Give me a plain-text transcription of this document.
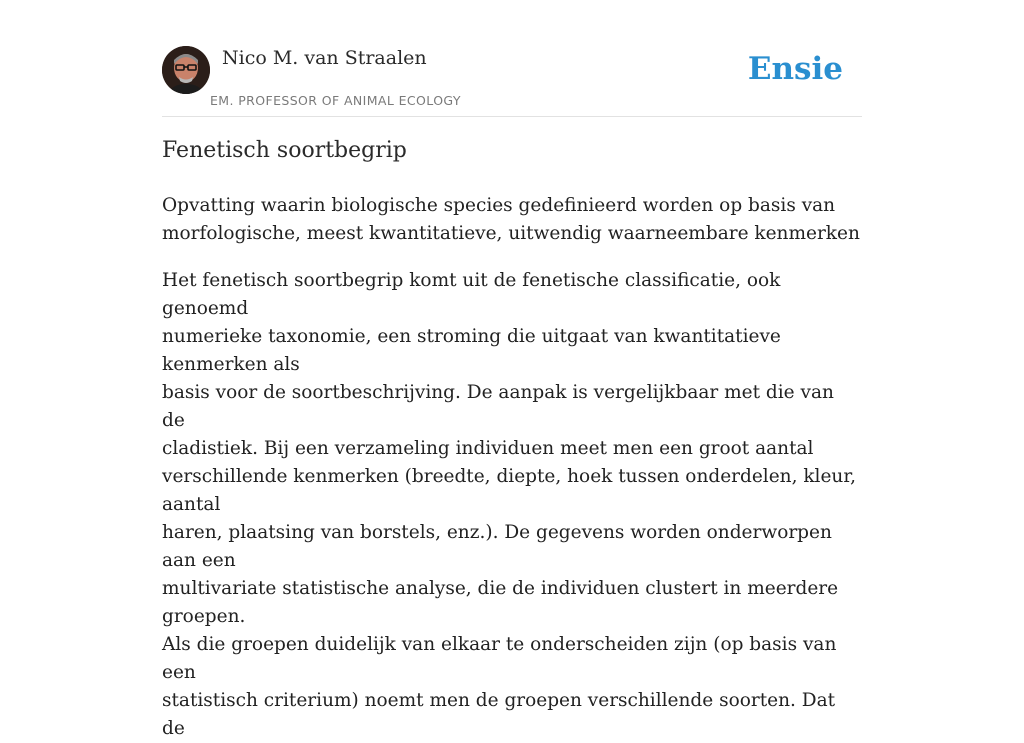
Nico M. van Straalen
EM. PROFESSOR OF ANIMAL ECOLOGY
Ensie
Fenetisch soortbegrip

Opvatting waarin biologische species gedefinieerd worden op basis van
morfologische, meest kwantitatieve, uitwendig waarneembare kenmerken

Het fenetisch soortbegrip komt uit de fenetische classificatie, ook genoemd
numerieke taxonomie, een stroming die uitgaat van kwantitatieve kenmerken als
basis voor de soortbeschrijving. De aanpak is vergelijkbaar met die van de
cladistiek. Bij een verzameling individuen meet men een groot aantal
verschillende kenmerken (breedte, diepte, hoek tussen onderdelen, kleur, aantal
haren, plaatsing van borstels, enz.). De gegevens worden onderworpen aan een
multivariate statistische analyse, die de individuen clustert in meerdere groepen.
Als die groepen duidelijk van elkaar te onderscheiden zijn (op basis van een
statistisch criterium) noemt men de groepen verschillende soorten. Dat de
